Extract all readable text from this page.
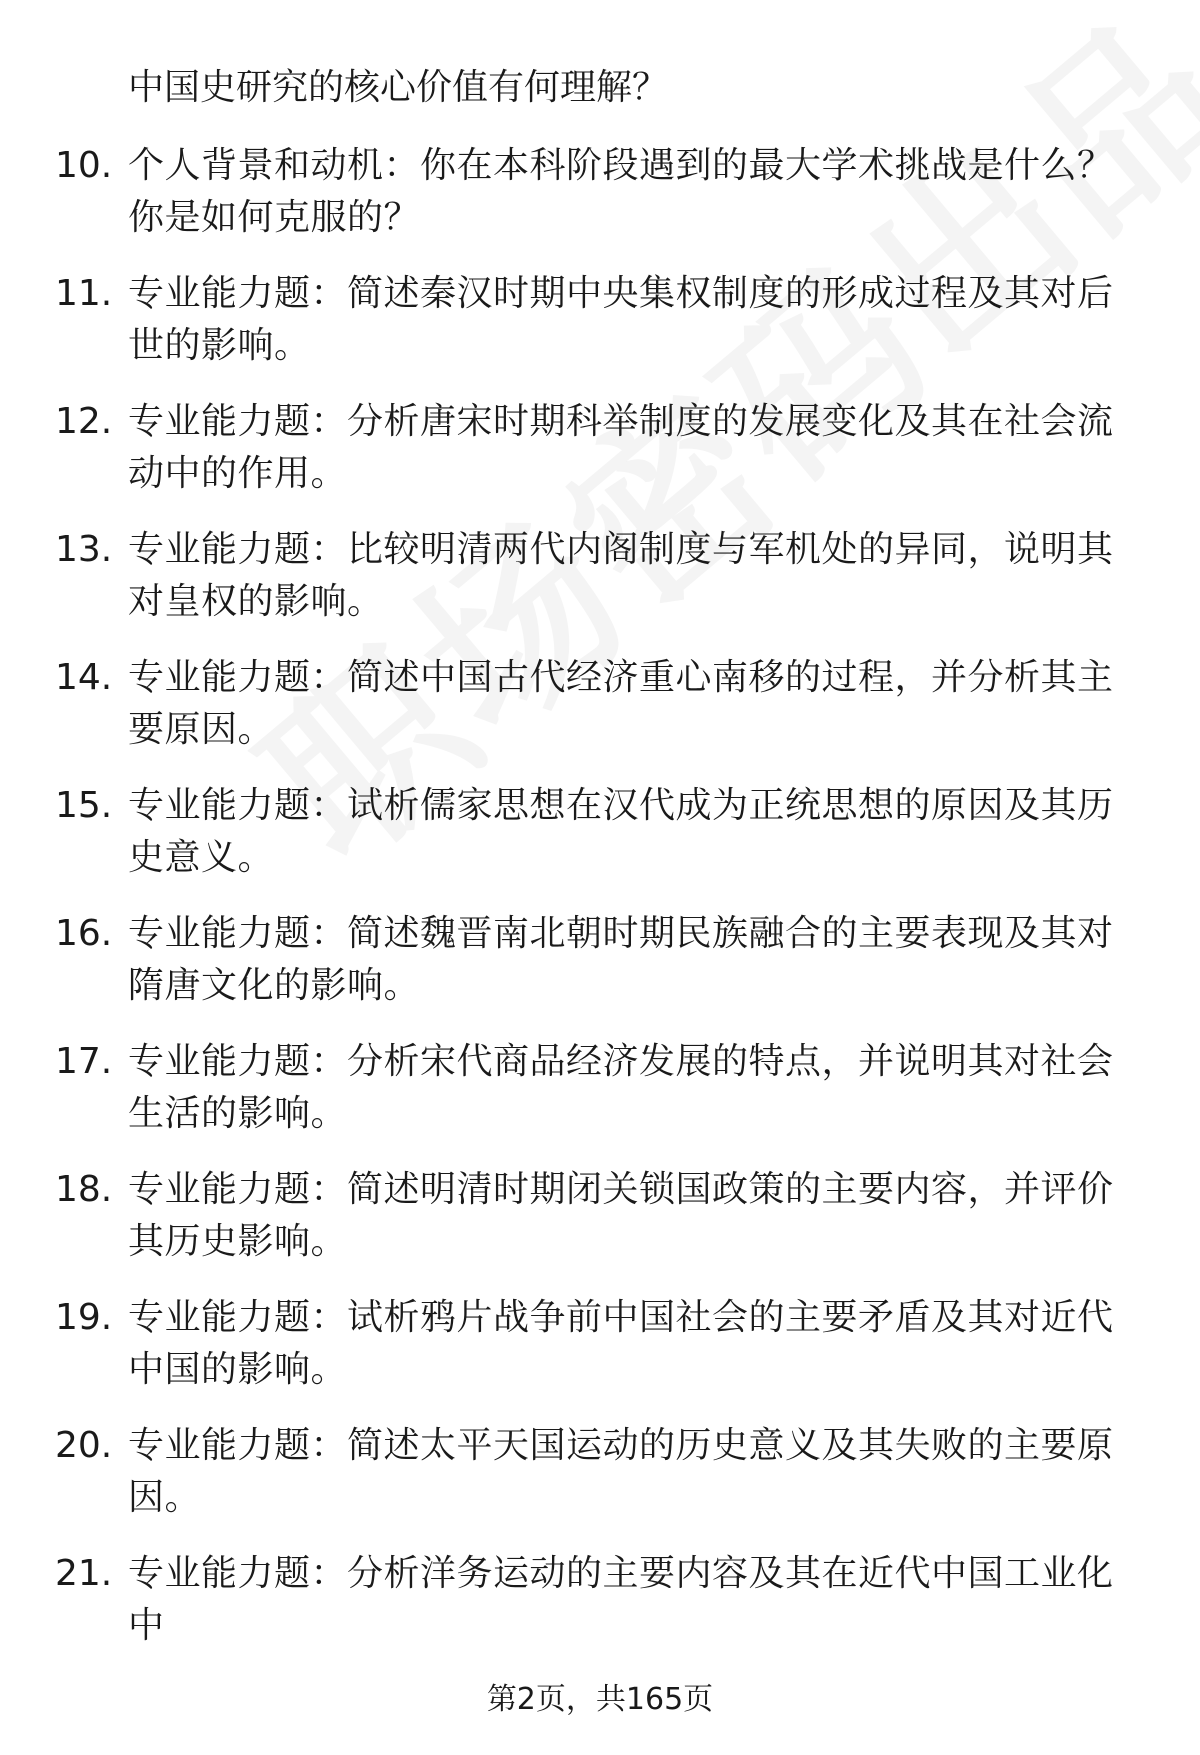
中国史研究的核心价值有何理解？

10. 个人背景和动机：你在本科阶段遇到的最大学术挑战是什么？你是如何克服的？
11. 专业能力题：简述秦汉时期中央集权制度的形成过程及其对后世的影响。
12. 专业能力题：分析唐宋时期科举制度的发展变化及其在社会流动中的作用。
13. 专业能力题：比较明清两代内阁制度与军机处的异同，说明其对皇权的影响。
14. 专业能力题：简述中国古代经济重心南移的过程，并分析其主要原因。
15. 专业能力题：试析儒家思想在汉代成为正统思想的原因及其历史意义。
16. 专业能力题：简述魏晋南北朝时期民族融合的主要表现及其对隋唐文化的影响。
17. 专业能力题：分析宋代商品经济发展的特点，并说明其对社会生活的影响。
18. 专业能力题：简述明清时期闭关锁国政策的主要内容，并评价其历史影响。
19. 专业能力题：试析鸦片战争前中国社会的主要矛盾及其对近代中国的影响。
20. 专业能力题：简述太平天国运动的历史意义及其失败的主要原因。
21. 专业能力题：分析洋务运动的主要内容及其在近代中国工业化中
第2页，共165页
